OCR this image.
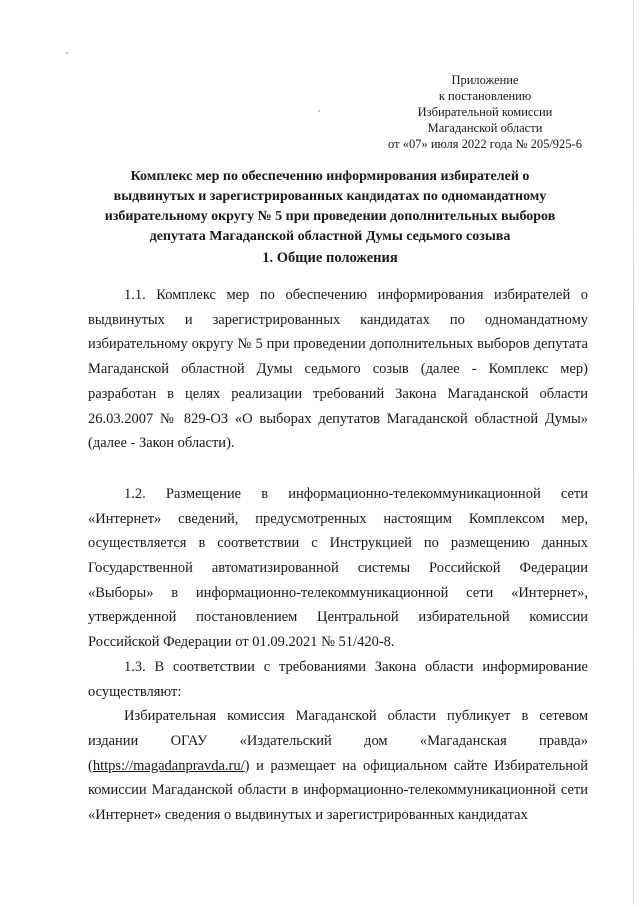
Приложение
к постановлению
Избирательной комиссии
Магаданской области
от «07» июля 2022 года № 205/925-6
Комплекс мер по обеспечению информирования избирателей о
выдвинутых и зарегистрированных кандидатах по одномандатному
избирательному округу № 5 при проведении дополнительных выборов
депутата Магаданской областной Думы седьмого созыва
1. Общие положения

1.1. Комплекс мер по обеспечению информирования избирателей о выдвинутых и зарегистрированных кандидатах по одномандатному избирательному округу № 5 при проведении дополнительных выборов депутата Магаданской областной Думы седьмого созыв (далее - Комплекс мер) разработан в целях реализации требований Закона Магаданской области 26.03.2007 № 829-ОЗ «О выборах депутатов Магаданской областной Думы» (далее - Закон области).

1.2. Размещение в информационно-телекоммуникационной сети «Интернет» сведений, предусмотренных настоящим Комплексом мер, осуществляется в соответствии с Инструкцией по размещению данных Государственной автоматизированной системы Российской Федерации «Выборы» в информационно-телекоммуникационной сети «Интернет», утвержденной постановлением Центральной избирательной комиссии Российской Федерации от 01.09.2021 № 51/420-8.

1.3. В соответствии с требованиями Закона области информирование осуществляют:

Избирательная комиссия Магаданской области публикует в сетевом издании ОГАУ «Издательский дом «Магаданская правда» (https://magadanpravda.ru/) и размещает на официальном сайте Избирательной комиссии Магаданской области в информационно-телекоммуникационной сети «Интернет» сведения о выдвинутых и зарегистрированных кандидатах
